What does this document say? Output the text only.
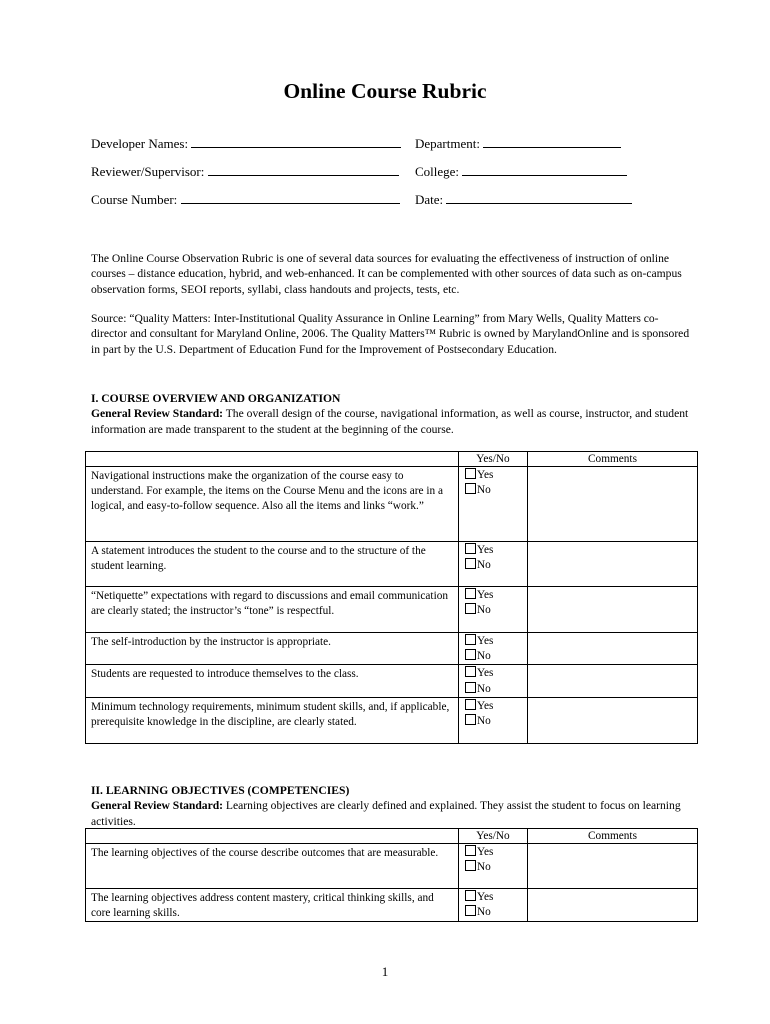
Online Course Rubric
Developer Names:	Department:
Reviewer/Supervisor:	College:
Course Number:	Date:
The Online Course Observation Rubric is one of several data sources for evaluating the effectiveness of instruction of online courses – distance education, hybrid, and web-enhanced. It can be complemented with other sources of data such as on-campus observation forms, SEOI reports, syllabi, class handouts and projects, tests, etc.
Source: “Quality Matters: Inter-Institutional Quality Assurance in Online Learning” from Mary Wells, Quality Matters co-director and consultant for Maryland Online, 2006. The Quality Matters™ Rubric is owned by MarylandOnline and is sponsored in part by the U.S. Department of Education Fund for the Improvement of Postsecondary Education.
I. COURSE OVERVIEW AND ORGANIZATION
General Review Standard: The overall design of the course, navigational information, as well as course, instructor, and student information are made transparent to the student at the beginning of the course.
	Yes/No	Comments
Navigational instructions make the organization of the course easy to understand. For example, the items on the Course Menu and the icons are in a logical, and easy-to-follow sequence. Also all the items and links “work.”	Yes
No	

A statement introduces the student to the course and to the structure of the student learning.	Yes
No	

“Netiquette” expectations with regard to discussions and email communication are clearly stated; the instructor’s “tone” is respectful.	Yes
No	

The self-introduction by the instructor is appropriate.	Yes
No	

Students are requested to introduce themselves to the class.	Yes
No	

Minimum technology requirements, minimum student skills, and, if applicable, prerequisite knowledge in the discipline, are clearly stated.	Yes
No	

II. LEARNING OBJECTIVES (COMPETENCIES)
General Review Standard: Learning objectives are clearly defined and explained. They assist the student to focus on learning activities.
	Yes/No	Comments
The learning objectives of the course describe outcomes that are measurable.	Yes
No	

The learning objectives address content mastery, critical thinking skills, and core learning skills.	Yes
No	

1
